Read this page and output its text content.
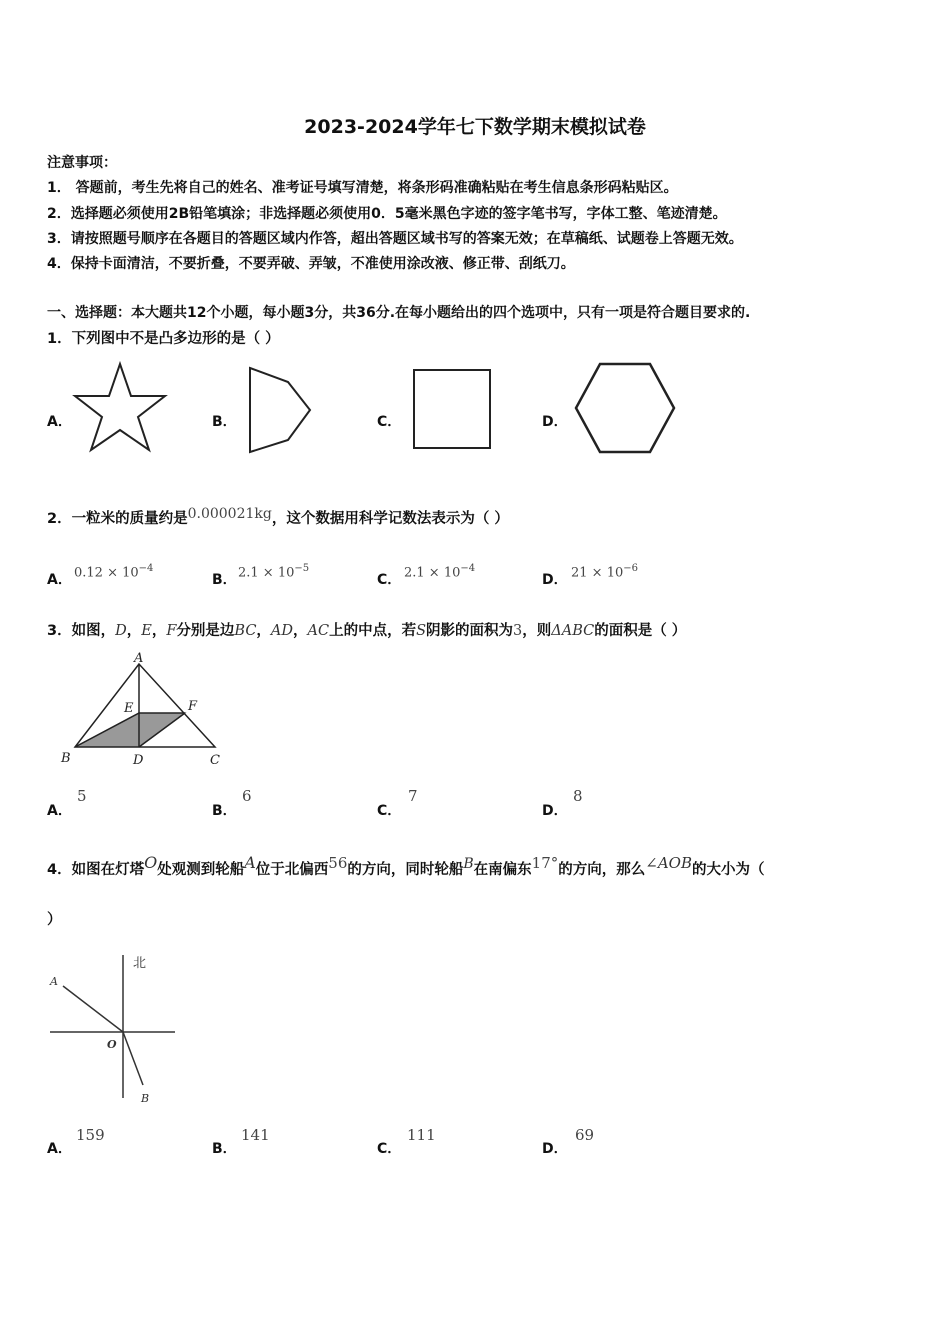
2023-2024学年七下数学期末模拟试卷
注意事项：
1． 答题前，考生先将自己的姓名、准考证号填写清楚，将条形码准确粘贴在考生信息条形码粘贴区。
2．选择题必须使用2B铅笔填涂；非选择题必须使用0．5毫米黑色字迹的签字笔书写，字体工整、笔迹清楚。
3．请按照题号顺序在各题目的答题区域内作答，超出答题区域书写的答案无效；在草稿纸、试题卷上答题无效。
4．保持卡面清洁，不要折叠，不要弄破、弄皱，不准使用涂改液、修正带、刮纸刀。
一、选择题：本大题共12个小题，每小题3分，共36分.在每小题给出的四个选项中，只有一项是符合题目要求的.
1．下列图中不是凸多边形的是（ ）
A．	B．	C．	D．
2．一粒米的质量约是0.000021kg，这个数据用科学记数法表示为（ ）
A． $0.12 \times 10^{-4}$
B． $2.1 \times 10^{-5}$
C． $2.1 \times 10^{-4}$
D． $21 \times 10^{-6}$
3．如图，D，E，F分别是边BC，AD，AC上的中点，若S阴影的面积为3，则ΔABC的面积是（ ）
A
B	C
D
E	F
A．
5
B．
6
C．
7
D．
8
4．如图在灯塔O处观测到轮船A位于北偏西56的方向，同时轮船B在南偏东17°的方向，那么∠AOB的大小为（
）
北
A
O
B
A．
159
B．
141
C．
111
D．
69
